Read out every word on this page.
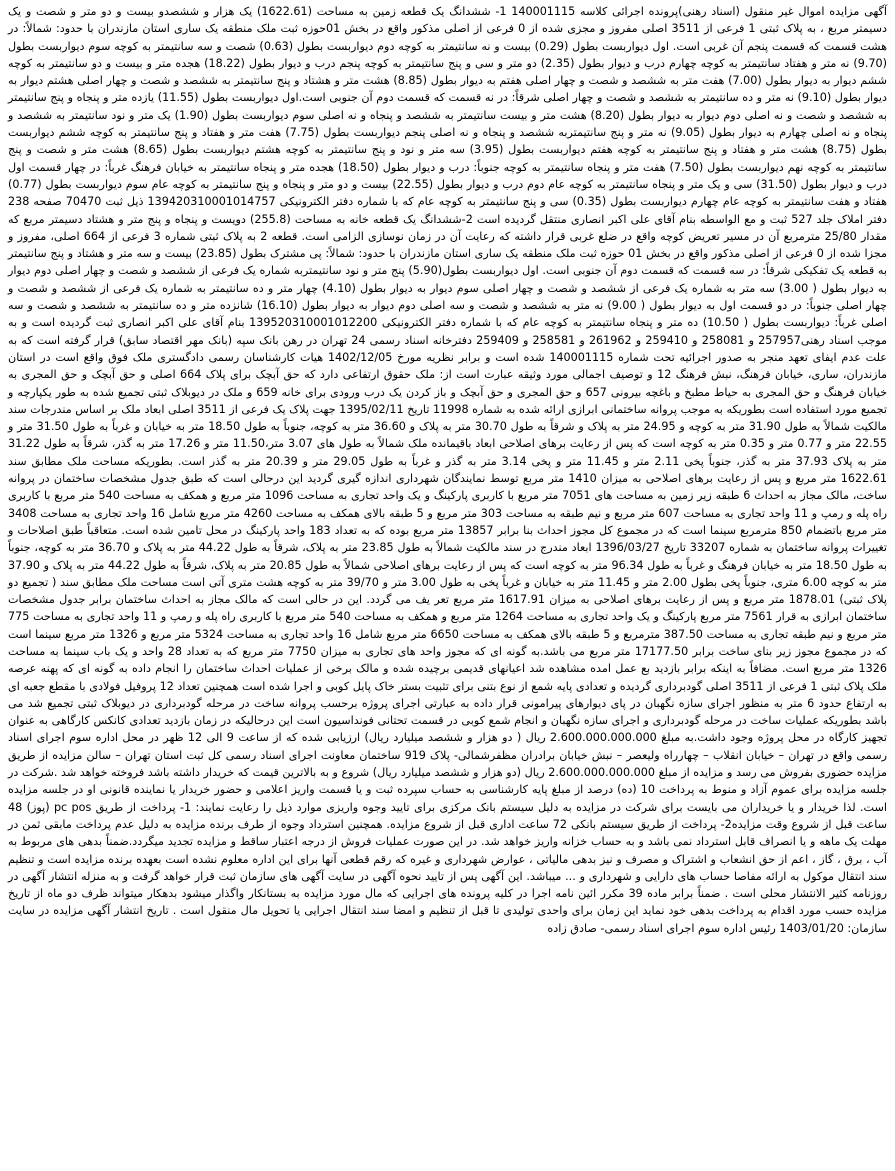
آگهی مزایده اموال غیر منقول (اسناد رهنی)پرونده اجرائی کلاسه 140001115 1- ششدانگ یک قطعه زمین به مساحت (1622.61) یک هزار و ششصدو بیست و دو متر و شصت و یک دسیمتر مربع ، به پلاک ثبتی 1 فرعی از 3511 اصلی مفروز و مجزی شده از 0 فرعی از اصلی مذکور واقع در بخش 01حوزه ثبت ملک منطقه یک ساری استان مازندران با حدود: شمالاً: در هشت قسمت که قسمت پنجم آن غربی است. اول دیواربست بطول (0.29) بیست و نه سانتیمتر به کوچه دوم دیواربست بطول (0.63) شصت و سه سانتیمتر به کوچه سوم دیواربست بطول (9.70) نه متر و هفتاد سانتیمتر به کوچه چهارم درب و دیوار بطول (2.35) دو متر و سی و پنج سانتیمتر به کوچه پنجم درب و دیوار بطول (18.22) هجده متر و بیست و دو سانتیمتر به کوچه ششم دیوار به دیوار بطول (7.00) هفت متر به ششصد و شصت و چهار اصلی هفتم به دیوار بطول (8.85) هشت متر و هشتاد و پنج سانتیمتر به ششصد و شصت و چهار اصلی هشتم دیوار به دیوار بطول (9.10) نه متر و ده سانتیمتر به ششصد و شصت و چهار اصلی شرقاً: در نه قسمت که قسمت دوم آن جنوبی است.اول دیواربست بطول (11.55) یازده متر و پنجاه و پنج سانتیمتر به ششصد و شصت و نه اصلی دوم دیوار به دیوار بطول (8.20) هشت متر و بیست سانتیمتر به ششصد و پنجاه و نه اصلی سوم دیواربست بطول (1.90) یک متر و نود سانتیمتر به ششصد و پنجاه و نه اصلی چهارم به دیوار بطول (9.05) نه متر و پنج سانتیمتربه ششصد و پنجاه و نه اصلی پنجم دیواربست بطول (7.75) هفت متر و هفتاد و پنج سانتیمتر به کوچه ششم دیواربست بطول (8.75) هشت متر و هفتاد و پنج سانتیمتر به کوچه هفتم دیواربست بطول (3.95) سه متر و نود و پنج سانتیمتر به کوچه هشتم دیواربست بطول (8.65) هشت متر و شصت و پنج سانتیمتر به کوچه نهم دیواربست بطول (7.50) هفت متر و پنجاه سانتیمتر به کوچه جنوباً: درب و دیوار بطول (18.50) هجده متر و پنجاه سانتیمتر به خیابان فرهنگ غرباً: در چهار قسمت اول درب و دیوار بطول (31.50) سی و یک متر و پنجاه سانتیمتر به کوچه عام دوم درب و دیوار بطول (22.55) بیست و دو متر و پنجاه و پنج سانتیمتر به کوچه عام سوم دیواربست بطول (0.77) هفتاد و هفت سانتیمتر به کوچه عام چهارم دیواربست بطول (0.35) سی و پنج سانتیمتر به کوچه عام که با شماره دفتر الکترونیکی 139420310001014757 ذیل ثبت 70470 صفحه 238 دفتر املاک جلد 527 ثبت و مع الواسطه بنام آقای علی اکبر انصاری منتقل گردیده است 2-ششدانگ یک قطعه خانه به مساحت (255.8) دویست و پنجاه و پنج متر و هشتاد دسیمتر مربع که مقدار 25/80 مترمربع آن در مسیر تعریض کوچه واقع در ضلع غربی قرار داشته که رعایت آن در زمان نوسازی الزامی است. قطعه 2 به پلاک ثبتی شماره 3 فرعی از 664 اصلی، مفروز و مجزا شده از 0 فرعی از اصلی مذکور واقع در بخش 01 حوزه ثبت ملک منطقه یک ساری استان مازندران با حدود: شمالاً: پی مشترک بطول (23.85) بیست و سه متر و هشتاد و پنج سانتیمتر به قطعه یک تفکیکی شرقاً: در سه قسمت که قسمت دوم آن جنوبی است. اول دیواربست بطول(5.90) پنج متر و نود سانتیمتربه شماره یک فرعی از ششصد و شصت و چهار اصلی دوم دیوار به دیوار بطول ( 3.00) سه متر به شماره یک فرعی از ششصد و شصت و چهار اصلی سوم دیوار به دیوار بطول (4.10) چهار متر و ده سانتیمتر به شماره یک فرعی از ششصد و شصت و چهار اصلی جنوباً: در دو قسمت اول به دیوار بطول ( 9.00) نه متر به ششصد و شصت و سه اصلی دوم دیوار به دیوار بطول (16.10) شانزده متر و ده سانتیمتر به ششصد و شصت و سه اصلی غرباً: دیواربست بطول ( 10.50) ده متر و پنجاه سانتیمتر به کوچه عام که با شماره دفتر الکترونیکی 139520310001012200 بنام آقای علی اکبر انصاری ثبت گردیده است و به موجب اسناد رهنی257957 و 258081 و 259410 و 261962 و 258581 و 259409 دفترخانه اسناد رسمی 24 تهران در رهن بانک سپه (بانک مهر اقتصاد سابق) قرار گرفته است که به علت عدم ایفای تعهد منجر به صدور اجرائیه تحت شماره 140001115 شده است و برابر نظریه مورخ 1402/12/05 هیات کارشناسان رسمی دادگستری ملک فوق واقع است در استان مازندران، ساری، خیابان فرهنگ، نبش فرهنگ 12 و توصیف اجمالی مورد وثیقه عبارت است از: ملک حقوق ارتفاعی دارد که حق آبچک برای پلاک 664 اصلی و حق آبچک و حق المجری به خیابان فرهنگ و حق المجری به حیاط مطبخ و باغچه بیرونی 657 و حق المجری و حق آبچک و باز کردن یک درب ورودی برای خانه 659 و ملک در دیوبلاک ثبتی تجمیع شده به طور یکپارچه و تجمیع مورد استفاده است بطوریکه به موجب پروانه ساختمانی ابرازی ارائه شده به شماره 11998 تاریخ 1395/02/11 جهت پلاک یک فرعی از 3511 اصلی ابعاد ملک بر اساس مندرجات سند مالکیت شمالاً به طول 31.90 متر به کوچه و 24.95 متر به پلاک و شرقاً به طول 30.70 متر به پلاک و 36.60 متر به کوچه، جنوباً به طول 18.50 متر به خیابان و غرباً به طول 31.50 متر و 22.55 متر و 0.77 متر و 0.35 متر به کوچه است که پس از رعایت برهای اصلاحی ابعاد باقیمانده ملک شمالاً به طول های 3.07 متر،11.50 متر و 17.26 متر به گذر، شرقاً به طول 31.22 متر به پلاک 37.93 متر به گذر، جنوباً پخی 2.11 متر و 11.45 متر و پخی 3.14 متر به گذر و غرباً به طول 29.05 متر و 20.39 متر به گذر است. بطوریکه مساحت ملک مطابق سند 1622.61 متر مربع و پس از رعایت برهای اصلاحی به میزان 1410 متر مربع توسط نمایندگان شهرداری اندازه گیری گردید این درحالی است که طبق جدول مشخصات ساختمان در پروانه ساخت، مالک مجاز به احداث 6 طبقه زیر زمین به مساحت های 7051 متر مربع با کاربری پارکینگ و یک واحد تجاری به مساحت 1096 متر مربع و همکف به مساحت 540 متر مربع با کاربری راه پله و رمپ و 11 واحد تجاری به مساحت 607 متر مربع و نیم طبقه به مساحت 303 متر مربع و 5 طبقه بالای همکف به مساحت 4260 متر مربع شامل 16 واحد تجاری به مساحت 3408 متر مربع باتضمام 850 مترمربع سینما است که در مجموع کل مجوز احداث بنا برابر 13857 متر مربع بوده که به تعداد 183 واحد پارکینگ در محل تامین شده است. متعاقباً طبق اصلاحات و تغییرات پروانه ساختمان به شماره 33207 تاریخ 1396/03/27 ابعاد مندرج در سند مالکیت شمالاً به طول 23.85 متر به پلاک، شرقاً به طول 44.22 متر به پلاک و 36.70 متر به کوچه، جنوباً به طول 18.50 متر به خیابان فرهنگ و غرباً به طول 96.34 متر به کوچه است که پس از رعایت برهای اصلاحی شمالاً به طول 20.85 متر به پلاک، شرقاً به طول 44.22 متر به پلاک و 37.90 متر به کوچه 6.00 متری، جنوباً پخی بطول 2.00 متر و 11.45 متر به خیابان و غرباً پخی به طول 3.00 متر و 39/70 متر به کوچه هشت متری آتی است مساحت ملک مطابق سند ( تجمیع دو پلاک ثبتی) 1878.01 متر مربع و پس از رعایت برهای اصلاحی به میزان 1617.91 متر مربع تعر یف می گردد. این در حالی است که مالک مجاز به احداث ساختمان برابر جدول مشخصات ساختمان ابرازی به قرار 7561 متر مربع پارکینگ و یک واحد تجاری به مساحت 1264 متر مربع و همکف به مساحت 540 متر مربع با کاربری راه پله و رمپ و 11 واحد تجاری به مساحت 775 متر مربع و نیم طبقه تجاری به مساحت 387.50 مترمربع و 5 طبقه بالای همکف به مساحت 6650 متر مربع شامل 16 واحد تجاری به مساحت 5324 متر مربع و 1326 متر مربع سینما است که در مجموع مجوز زیر بنای ساخت برابر 17177.50 متر مربع می باشد.به گونه ای که مجوز واحد های تجاری به میزان 7750 متر مربع که به تعداد 28 واحد و یک باب سینما به مساحت 1326 متر مربع است. مضافاً به اینکه برابر بازدید بع عمل امده مشاهده شد اعیانهای قدیمی برچیده شده و مالک برخی از عملیات احداث ساختمان را انجام داده به گونه ای که پهنه عرصه ملک پلاک ثبتی 1 فرعی از 3511 اصلی گودبرداری گردیده و تعدادی پایه شمع از نوع بتنی برای تثبیت بستر خاک پایل کوبی و اجرا شده است همچنین تعداد 12 پروفیل فولادی با مقطع جعبه ای به ارتفاع حدود 6 متر به منظور اجرای سازه نگهبان در پای دیوارهای پیرامونی قرار داده به عبارتی اجرای پروژه برحسب پروانه ساخت در مرحله گودبرداری در دیوبلاک ثبتی تجمیع شد می باشد بطوریکه عملیات ساخت در مرحله گودبرداری و اجرای سازه نگهبان و انجام شمع کوبی در قسمت تحتانی فونداسیون است این درحالیکه در زمان بازدید تعدادی کانکس کارگاهی به عنوان تجهیز کارگاه در محل پروژه وجود داشت.به مبلغ 2.600.000.000.000 ریال ( دو هزار و ششصد میلیارد ریال) ارزیابی شده که از ساعت 9 الی 12 ظهر در محل اداره سوم اجرای اسناد رسمی واقع در تهران – خیابان انقلاب – چهارراه ولیعصر – نبش خیابان برادران مظفرشمالی- پلاک 919 ساختمان معاونت اجرای اسناد رسمی کل ثبت استان تهران – سالن مزایده از طریق مزایده حضوری بفروش می رسد و مزایده از مبلغ 2.600.000.000.000 ریال (دو هزار و ششصد میلیارد ریال) شروع و به بالاترین قیمت که خریدار داشته باشد فروخته خواهد شد .شرکت در جلسه مزایده برای عموم آزاد و منوط به پرداخت 10 (ده) درصد از مبلغ پایه کارشناسی به حساب سپرده ثبت و یا قسمت واریز اعلامی و حضور خریدار یا نماینده قانونی او در جلسه مزایده است. لذا خریدار و یا خریداران می بایست برای شرکت در مزایده به دلیل سیستم بانک مرکزی برای تایید وجوه واریزی موارد ذیل را رعایت نمایند: 1- پرداخت از طریق pc pos (پوز) 48 ساعت قبل از شروع وقت مزایده2- پرداخت از طریق سیستم بانکی 72 ساعت اداری قبل از شروع مزایده. همچنین استرداد وجوه از طرف برنده مزایده به دلیل عدم پرداخت مابقی ثمن در مهلت یک ماهه و یا انصراف قابل استرداد نمی باشد و به حساب خزانه واریز خواهد شد. در این صورت عملیات فروش از درجه اعتبار ساقط و مزایده تجدید میگردد.ضمناً بدهی های مربوط به آب ، برق ، گاز ، اعم از حق انشعاب و اشتراک و مصرف و نیز بدهی مالیاتی ، عوارض شهرداری و غیره که رقم قطعی آنها برای این اداره معلوم نشده است بعهده برنده مزایده است و تنظیم سند انتقال موکول به ارائه مفاصا حساب های دارایی و شهرداری و ... میباشد. این آگهی پس از تایید نحوه آگهی در سایت آگهی های سازمان ثبت قرار خواهد گرفت و به منزله انتشار آگهی در روزنامه کثیر الانتشار محلی است . ضمناً برابر ماده 39 مکرر ائین نامه اجرا در کلیه پرونده های اجرایی که مال مورد مزایده به بستانکار واگذار میشود بدهکار میتواند ظرف دو ماه از تاریخ مزایده حسب مورد اقدام به پرداخت بدهی خود نماید این زمان برای واحدی تولیدی تا قبل از تنظیم و امضا سند انتقال اجرایی یا تحویل مال منقول است . تاریخ انتشار آگهی مزایده در سایت سازمان: 1403/01/20 رئیس اداره سوم اجرای اسناد رسمی- صادق زاده
